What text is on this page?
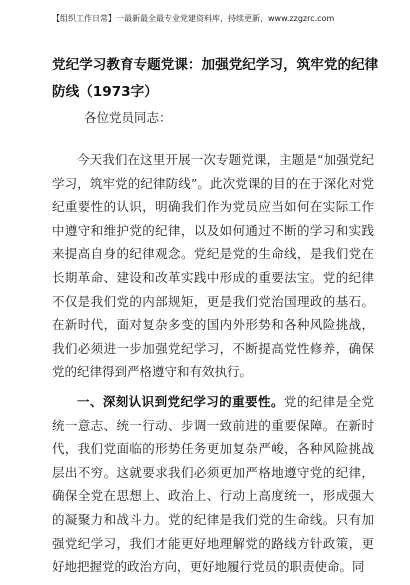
【组织工作日常】一最新最全最专业党建资料库，持续更新，www.zzgzrc.com
党纪学习教育专题党课：加强党纪学习，筑牢党的纪律防线（1973字）
各位党员同志：

今天我们在这里开展一次专题党课，主题是“加强党纪学习，筑牢党的纪律防线”。此次党课的目的在于深化对党纪重要性的认识，明确我们作为党员应当如何在实际工作中遵守和维护党的纪律，以及如何通过不断的学习和实践来提高自身的纪律观念。党纪是党的生命线，是我们党在长期革命、建设和改革实践中形成的重要法宝。党的纪律不仅是我们党的内部规矩，更是我们党治国理政的基石。在新时代，面对复杂多变的国内外形势和各种风险挑战，我们必须进一步加强党纪学习，不断提高党性修养，确保党的纪律得到严格遵守和有效执行。

一、深刻认识到党纪学习的重要性。党的纪律是全党统一意志、统一行动、步调一致前进的重要保障。在新时代，我们党面临的形势任务更加复杂严峻，各种风险挑战层出不穷。这就要求我们必须更加严格地遵守党的纪律，确保全党在思想上、政治上、行动上高度统一，形成强大的凝聚力和战斗力。党的纪律是我们党的生命线。只有加强党纪学习，我们才能更好地理解党的路线方针政策，更好地把握党的政治方向，更好地履行党员的职责使命。同
